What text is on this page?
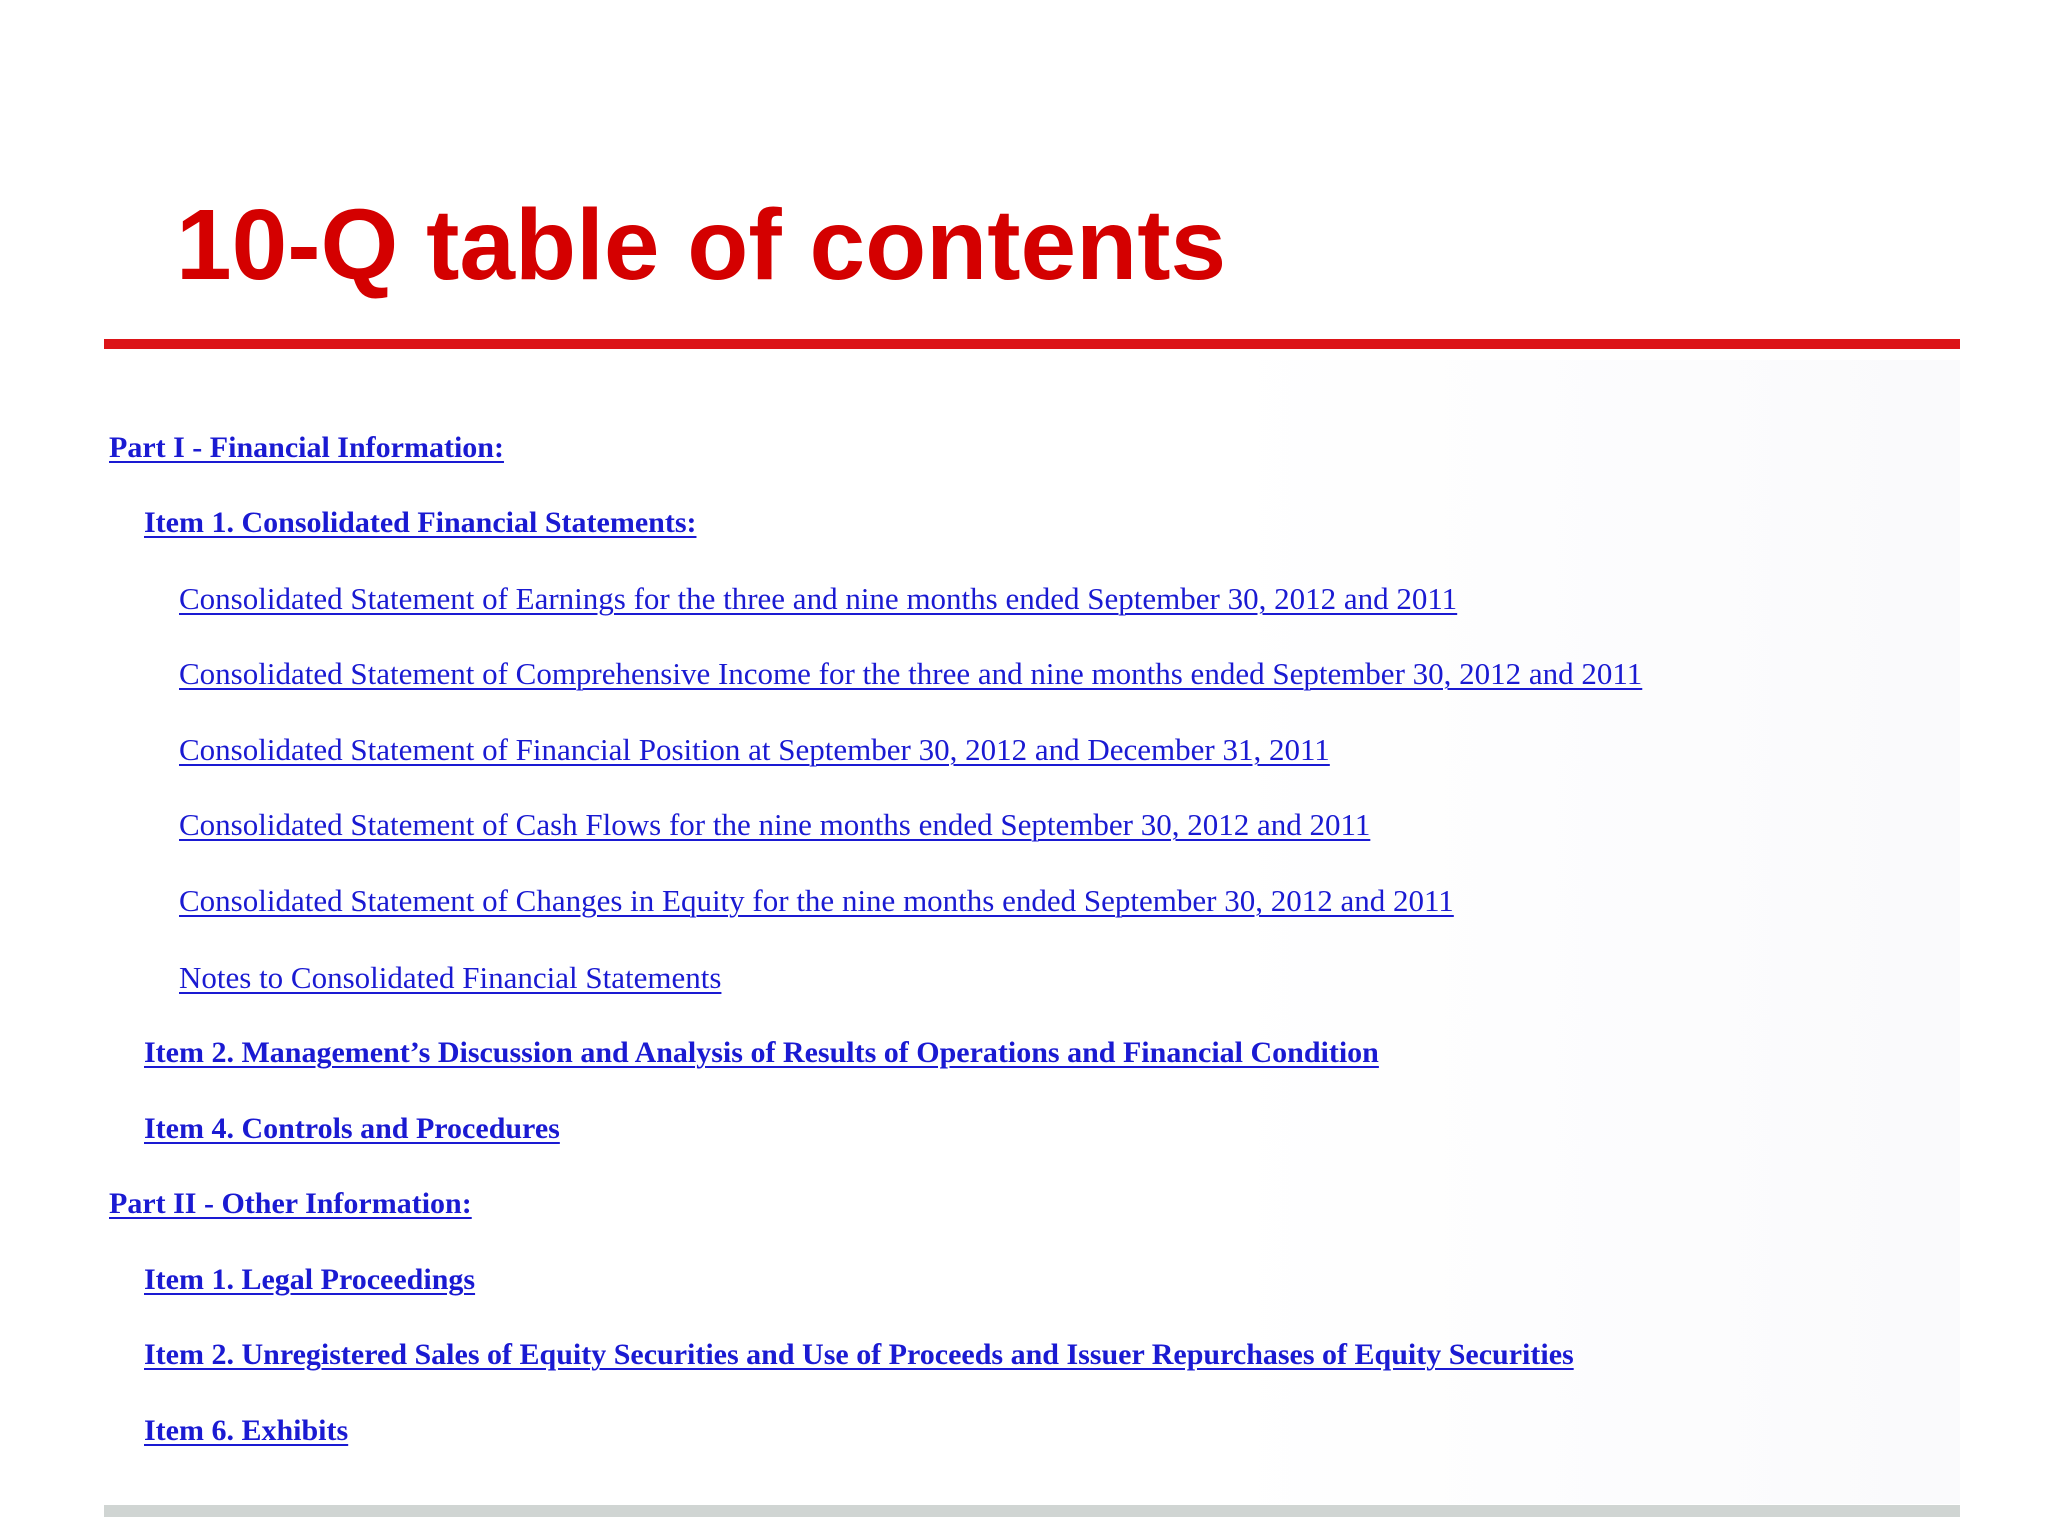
10-Q table of contents
Part I - Financial Information:
Item 1. Consolidated Financial Statements:
Consolidated Statement of Earnings for the three and nine months ended September 30, 2012 and 2011
Consolidated Statement of Comprehensive Income for the three and nine months ended September 30, 2012 and 2011
Consolidated Statement of Financial Position at September 30, 2012 and December 31, 2011
Consolidated Statement of Cash Flows for the nine months ended September 30, 2012 and 2011
Consolidated Statement of Changes in Equity for the nine months ended September 30, 2012 and 2011
Notes to Consolidated Financial Statements
Item 2. Management’s Discussion and Analysis of Results of Operations and Financial Condition
Item 4. Controls and Procedures
Part II - Other Information:
Item 1. Legal Proceedings
Item 2. Unregistered Sales of Equity Securities and Use of Proceeds and Issuer Repurchases of Equity Securities
Item 6. Exhibits
